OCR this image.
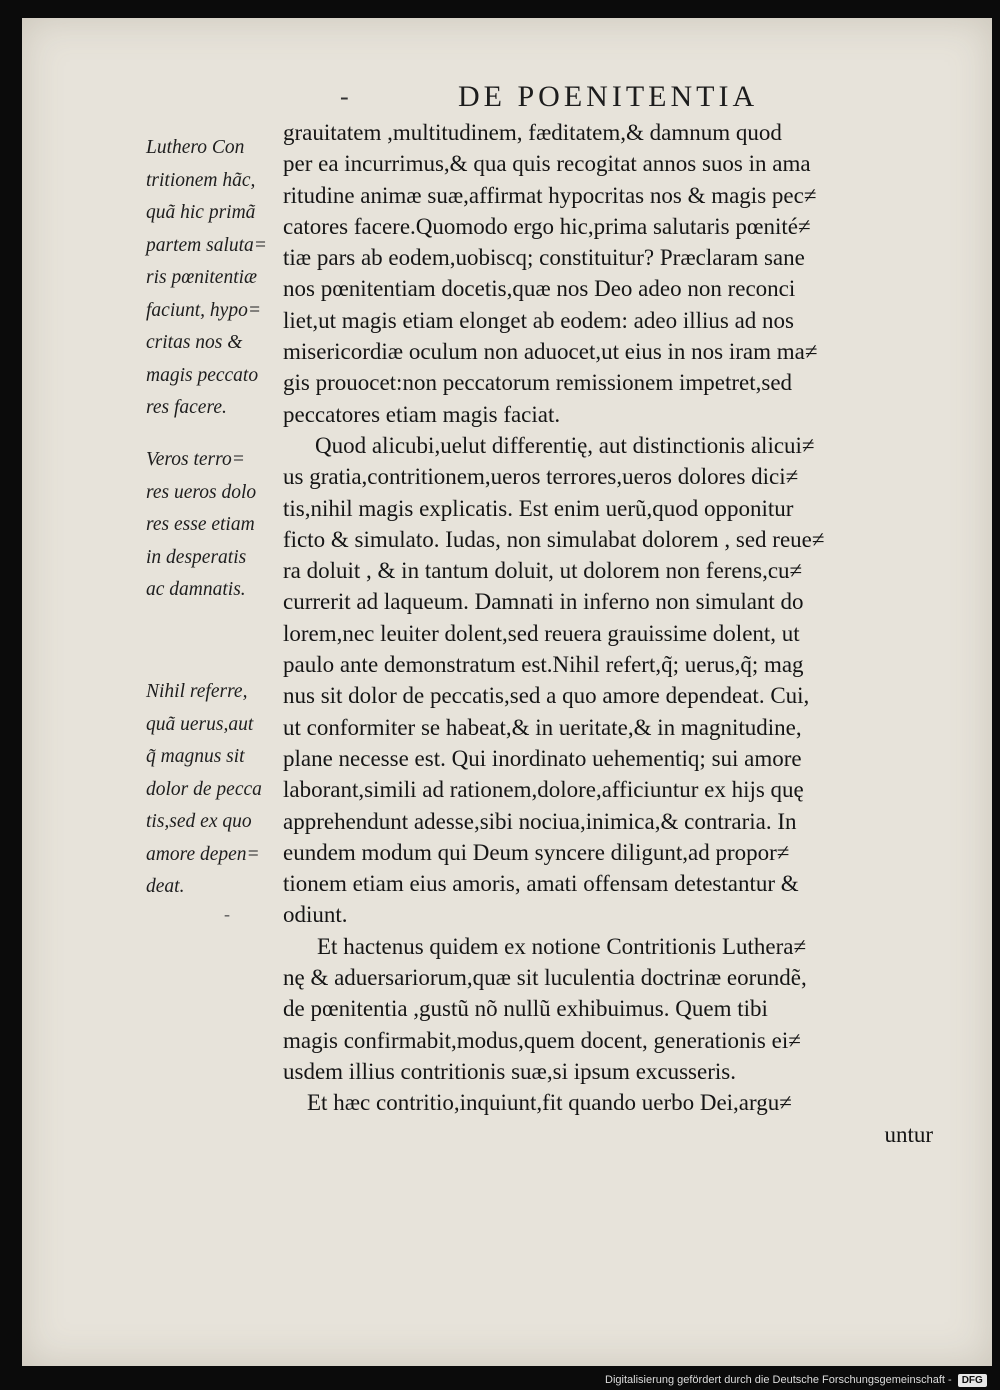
-	DE POENITENTIA
Luthero Con
tritionem hãc,
quã hic primã
partem saluta=
ris pœnitentiæ
faciunt, hypo=
critas nos &
magis peccato
res facere.
Veros terro=
res ueros dolo
res esse etiam
in desperatis
ac damnatis.
Nihil referre,
quã uerus,aut
q̃ magnus sit
dolor de pecca
tis,sed ex quo
amore depen=
deat.
-
grauitatem ,multitudinem, fæditatem,& damnum quod
per ea incurrimus,& qua quis recogitat annos suos in ama
ritudine animæ suæ,affirmat hypocritas nos & magis pec≠
catores facere.Quomodo ergo hic,prima salutaris pœnité≠
tiæ pars ab eodem,uobiscq; constituitur? Præclaram sane
nos pœnitentiam docetis,quæ nos Deo adeo non reconci
liet,ut magis etiam elonget ab eodem: adeo illius ad nos
misericordiæ oculum non aduocet,ut eius in nos iram ma≠
gis prouocet:non peccatorum remissionem impetret,sed
peccatores etiam magis faciat.
Quod alicubi,uelut differentię, aut distinctionis alicui≠
us gratia,contritionem,ueros terrores,ueros dolores dici≠
tis,nihil magis explicatis. Est enim uerũ,quod opponitur
ficto & simulato. Iudas, non simulabat dolorem , sed reue≠
ra doluit , & in tantum doluit, ut dolorem non ferens,cu≠
currerit ad laqueum. Damnati in inferno non simulant do
lorem,nec leuiter dolent,sed reuera grauissime dolent, ut
paulo ante demonstratum est.Nihil refert,q̃; uerus,q̃; mag
nus sit dolor de peccatis,sed a quo amore dependeat. Cui,
ut conformiter se habeat,& in ueritate,& in magnitudine,
plane necesse est. Qui inordinato uehementiq; sui amore
laborant,simili ad rationem,dolore,afficiuntur ex hijs quę
apprehendunt adesse,sibi nociua,inimica,& contraria. In
eundem modum qui Deum syncere diligunt,ad propor≠
tionem etiam eius amoris, amati offensam detestantur &
odiunt.
Et hactenus quidem ex notione Contritionis Luthera≠
nę & aduersariorum,quæ sit luculentia doctrinæ eorundẽ,
de pœnitentia ,gustũ nõ nullũ exhibuimus. Quem tibi
magis confirmabit,modus,quem docent, generationis ei≠
usdem illius contritionis suæ,si ipsum excusseris.
Et hæc contritio,inquiunt,fit quando uerbo Dei,argu≠
untur
Digitalisierung gefördert durch die Deutsche Forschungsgemeinschaft -	DFG
